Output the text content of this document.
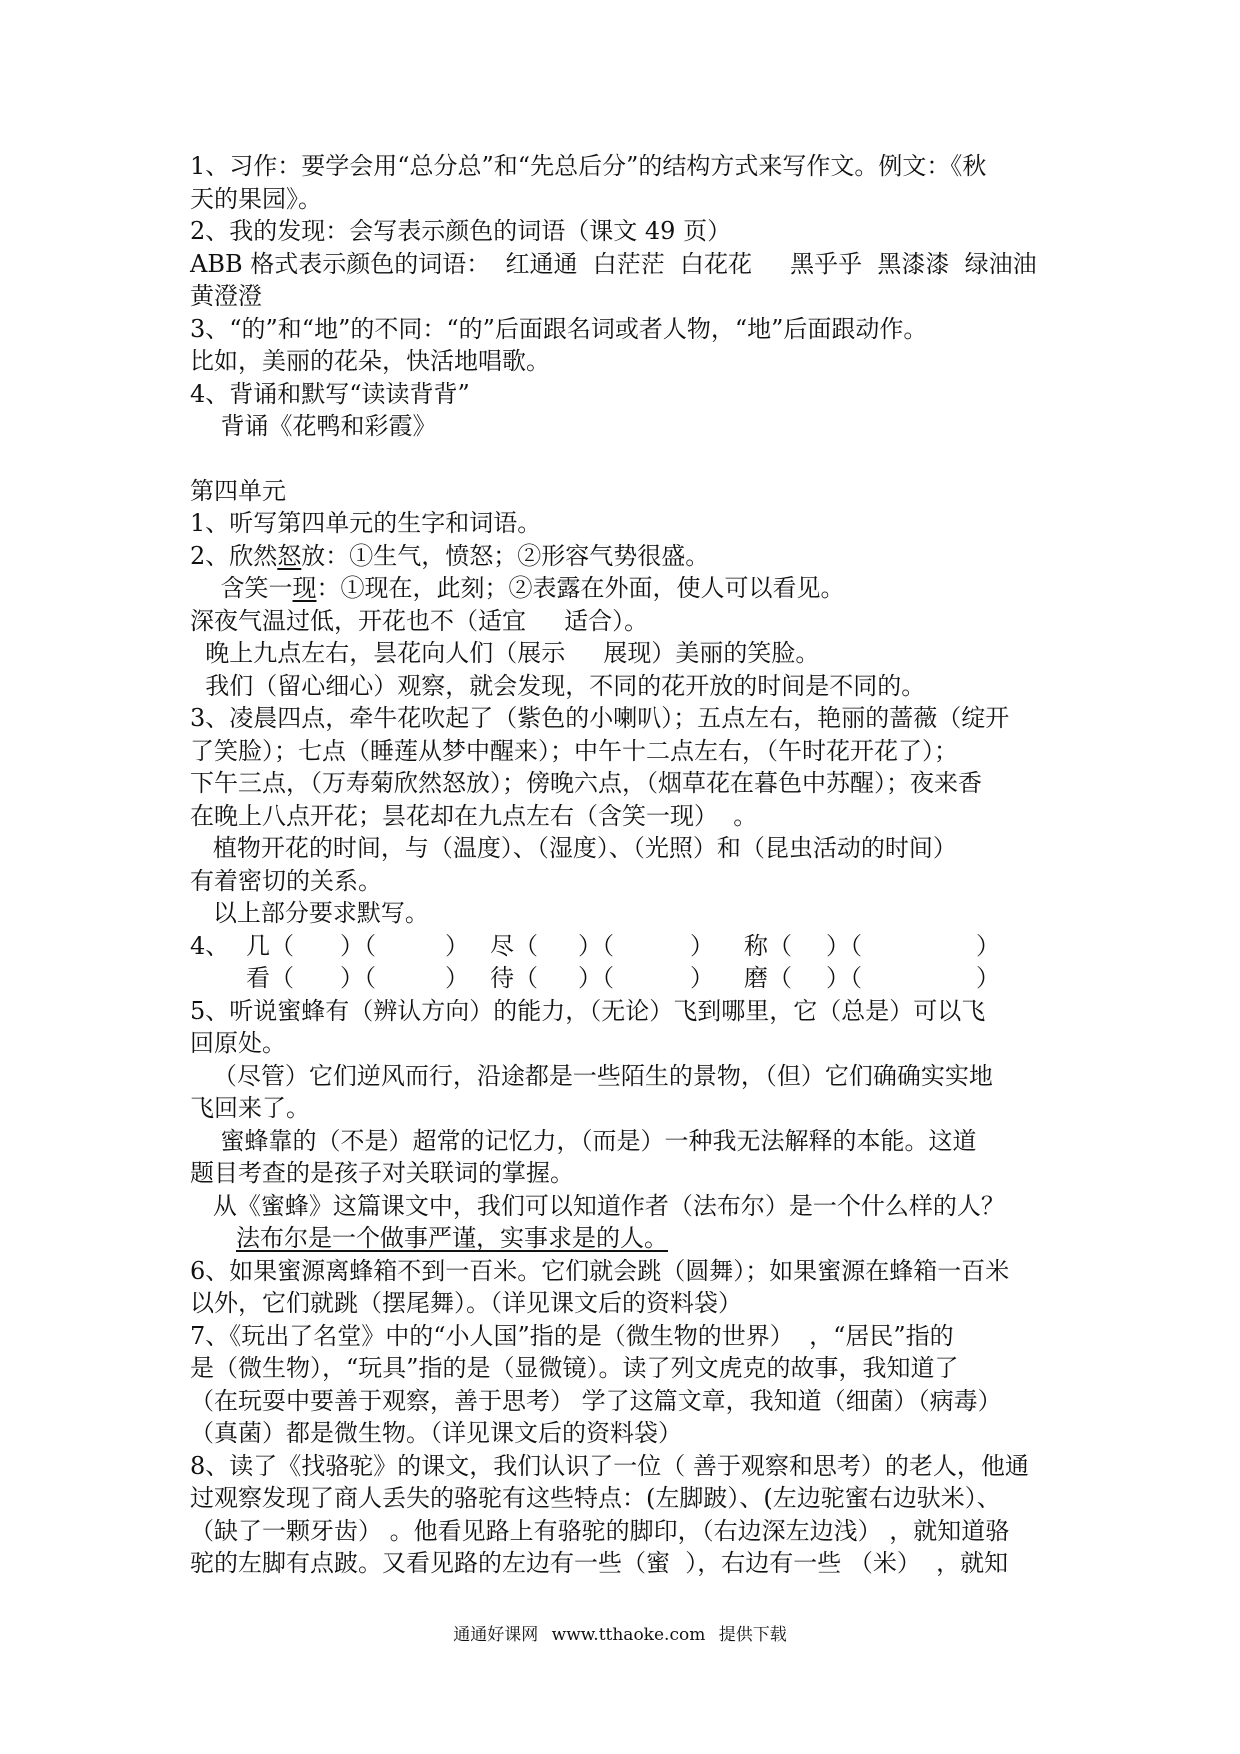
1、习作：要学会用“总分总”和“先总后分”的结构方式来写作文。例文：《秋

天的果园》。

2、我的发现：会写表示颜色的词语（课文 49 页）

ABB 格式表示颜色的词语：  红通通  白茫茫  白花花     黑乎乎  黑漆漆  绿油油

黄澄澄

3、“的”和“地”的不同：“的”后面跟名词或者人物，“地”后面跟动作。

比如，美丽的花朵，快活地唱歌。

4、背诵和默写“读读背背”

背诵《花鸭和彩霞》

第四单元

1、听写第四单元的生字和词语。

2、欣然怒放：①生气，愤怒；②形容气势很盛。

含笑一现：①现在，此刻；②表露在外面，使人可以看见。

深夜气温过低，开花也不（适宜     适合）。

晚上九点左右，昙花向人们（展示     展现）美丽的笑脸。

我们（留心细心）观察，就会发现，不同的花开放的时间是不同的。

3、凌晨四点，牵牛花吹起了（紫色的小喇叭）；五点左右，艳丽的蔷薇（绽开

了笑脸）；七点（睡莲从梦中醒来）；中午十二点左右，（午时花开花了）；

下午三点，（万寿菊欣然怒放）；傍晚六点，（烟草花在暮色中苏醒）；夜来香

在晚上八点开花；昙花却在九点左右（含笑一现）  。

植物开花的时间，与（温度）、（湿度）、（光照）和（昆虫活动的时间）

有着密切的关系。

以上部分要求默写。

4、 几（	）（	） 尽（	）（	）	称（	）（	）
看（	）（	） 待（	）（	）	磨（	）（	）

5、听说蜜蜂有（辨认方向）的能力，（无论）飞到哪里，它（总是）可以飞

回原处。

（尽管）它们逆风而行，沿途都是一些陌生的景物，（但）它们确确实实地

飞回来了。

蜜蜂靠的（不是）超常的记忆力，（而是）一种我无法解释的本能。这道

题目考查的是孩子对关联词的掌握。

从《蜜蜂》这篇课文中，我们可以知道作者（法布尔）是一个什么样的人？

法布尔是一个做事严谨，实事求是的人。

6、如果蜜源离蜂箱不到一百米。它们就会跳（圆舞）；如果蜜源在蜂箱一百米

以外，它们就跳（摆尾舞）。（详见课文后的资料袋）

7、《玩出了名堂》中的“小人国”指的是（微生物的世界）  ，“居民”指的

是（微生物），“玩具”指的是（显微镜）。读了列文虎克的故事，我知道了

（在玩耍中要善于观察，善于思考） 学了这篇文章，我知道（细菌）（病毒）

（真菌）都是微生物。（详见课文后的资料袋）

8、读了《找骆驼》的课文，我们认识了一位（ 善于观察和思考）的老人，他通

过观察发现了商人丢失的骆驼有这些特点：(左脚跛）、(左边驼蜜右边驮米）、

（缺了一颗牙齿） 。他看见路上有骆驼的脚印，（右边深左边浅） ，就知道骆

驼的左脚有点跛。又看见路的左边有一些（蜜  ），右边有一些 （米）  ，就知

通通好课网 www.tthaoke.com 提供下载
